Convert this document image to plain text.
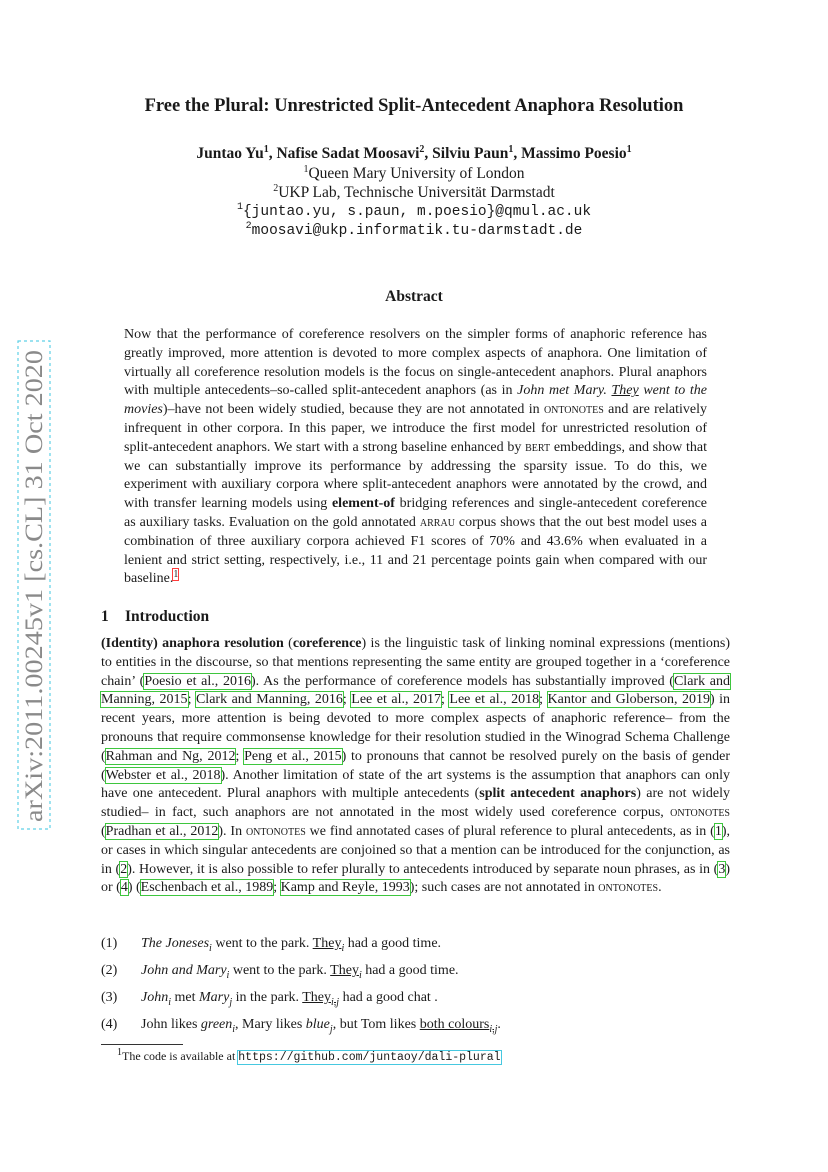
arXiv:2011.00245v1 [cs.CL] 31 Oct 2020
Free the Plural: Unrestricted Split-Antecedent Anaphora Resolution
Juntao Yu$^1$, Nafise Sadat Moosavi$^2$, Silviu Paun$^1$, Massimo Poesio$^1$
$^1$Queen Mary University of London
$^2$UKP Lab, Technische Universität Darmstadt
$^1${juntao.yu, s.paun, m.poesio}@qmul.ac.uk
$^2$moosavi@ukp.informatik.tu-darmstadt.de
Abstract
Now that the performance of coreference resolvers on the simpler forms of anaphoric reference has greatly improved, more attention is devoted to more complex aspects of anaphora. One limitation of virtually all coreference resolution models is the focus on single-antecedent anaphors. Plural anaphors with multiple antecedents–so-called split-antecedent anaphors (as in John met Mary. They went to the movies)–have not been widely studied, because they are not annotated in ontonotes and are relatively infrequent in other corpora. In this paper, we introduce the first model for unrestricted resolution of split-antecedent anaphors. We start with a strong baseline enhanced by bert embeddings, and show that we can substantially improve its performance by addressing the sparsity issue. To do this, we experiment with auxiliary corpora where split-antecedent anaphors were annotated by the crowd, and with transfer learning models using element-of bridging references and single-antecedent coreference as auxiliary tasks. Evaluation on the gold annotated arrau corpus shows that the out best model uses a combination of three auxiliary corpora achieved F1 scores of 70% and 43.6% when evaluated in a lenient and strict setting, respectively, i.e., 11 and 21 percentage points gain when compared with our baseline.$^1$
1 Introduction
(Identity) anaphora resolution (coreference) is the linguistic task of linking nominal expressions (mentions) to entities in the discourse, so that mentions representing the same entity are grouped together in a ‘coreference chain’ (Poesio et al., 2016). As the performance of coreference models has substantially improved (Clark and Manning, 2015; Clark and Manning, 2016; Lee et al., 2017; Lee et al., 2018; Kantor and Globerson, 2019) in recent years, more attention is being devoted to more complex aspects of anaphoric reference– from the pronouns that require commonsense knowledge for their resolution studied in the Winograd Schema Challenge (Rahman and Ng, 2012; Peng et al., 2015) to pronouns that cannot be resolved purely on the basis of gender (Webster et al., 2018). Another limitation of state of the art systems is the assumption that anaphors can only have one antecedent. Plural anaphors with multiple antecedents (split antecedent anaphors) are not widely studied– in fact, such anaphors are not annotated in the most widely used coreference corpus, ontonotes (Pradhan et al., 2012). In ontonotes we find annotated cases of plural reference to plural antecedents, as in (1), or cases in which singular antecedents are conjoined so that a mention can be introduced for the conjunction, as in (2). However, it is also possible to refer plurally to antecedents introduced by separate noun phrases, as in (3) or (4) (Eschenbach et al., 1989; Kamp and Reyle, 1993); such cases are not annotated in ontonotes.
(1) The Joneses$_i$ went to the park. They$_i$ had a good time.
(2) John and Mary$_i$ went to the park. They$_i$ had a good time.
(3) John$_i$ met Mary$_j$ in the park. They$_{i,j}$ had a good chat .
(4) John likes green$_i$, Mary likes blue$_j$, but Tom likes both colours$_{i,j}$.
$^1$The code is available at https://github.com/juntaoy/dali-plural
